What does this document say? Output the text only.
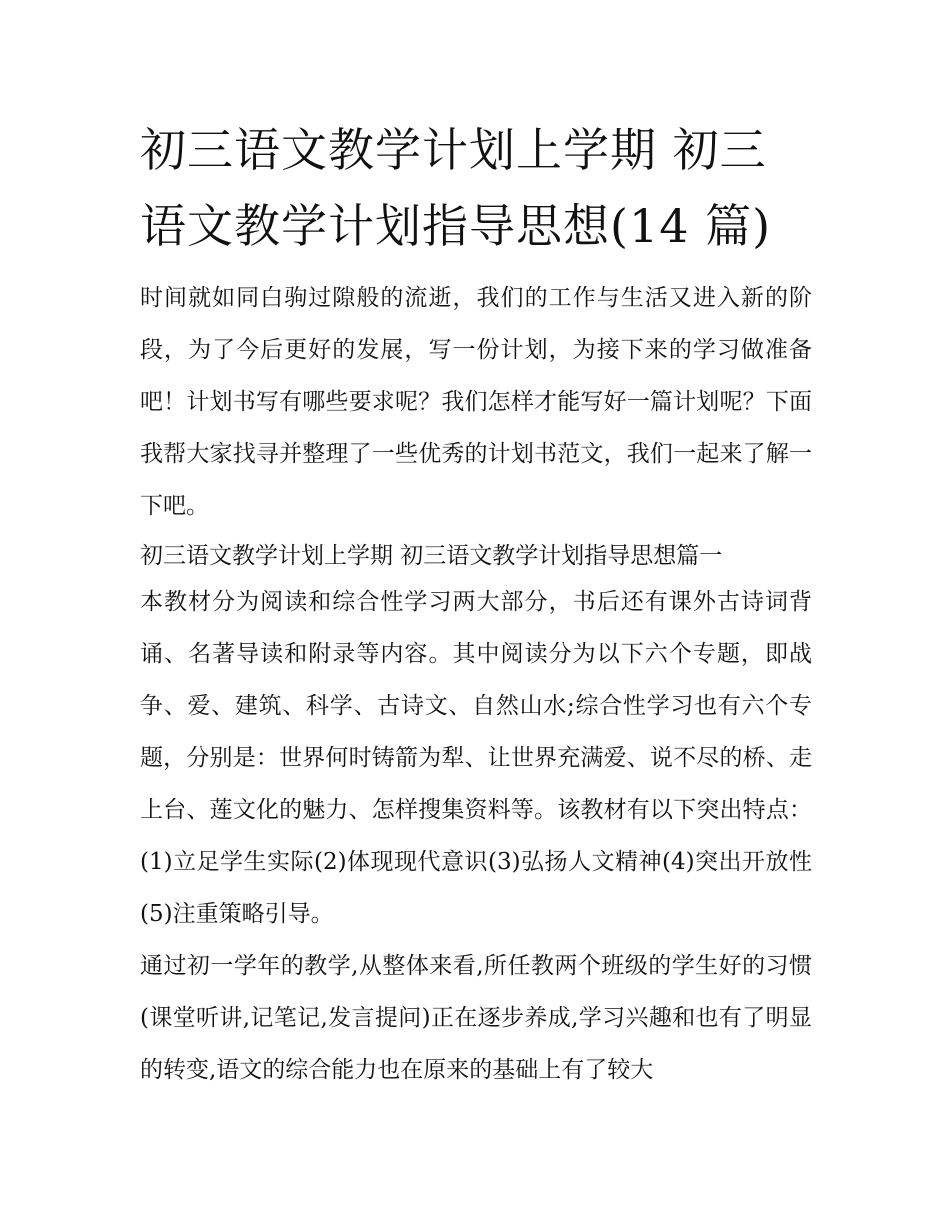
初三语文教学计划上学期 初三语文教学计划指导思想(14 篇)

时间就如同白驹过隙般的流逝，我们的工作与生活又进入新的阶段，为了今后更好的发展，写一份计划，为接下来的学习做准备吧！计划书写有哪些要求呢？我们怎样才能写好一篇计划呢？下面我帮大家找寻并整理了一些优秀的计划书范文，我们一起来了解一下吧。

初三语文教学计划上学期 初三语文教学计划指导思想篇一

本教材分为阅读和综合性学习两大部分，书后还有课外古诗词背诵、名著导读和附录等内容。其中阅读分为以下六个专题，即战争、爱、建筑、科学、古诗文、自然山水;综合性学习也有六个专题，分别是：世界何时铸箭为犁、让世界充满爱、说不尽的桥、走上台、莲文化的魅力、怎样搜集资料等。该教材有以下突出特点：(1)立足学生实际(2)体现现代意识(3)弘扬人文精神(4)突出开放性(5)注重策略引导。

通过初一学年的教学,从整体来看,所任教两个班级的学生好的习惯(课堂听讲,记笔记,发言提问)正在逐步养成,学习兴趣和也有了明显的转变,语文的综合能力也在原来的基础上有了较大
